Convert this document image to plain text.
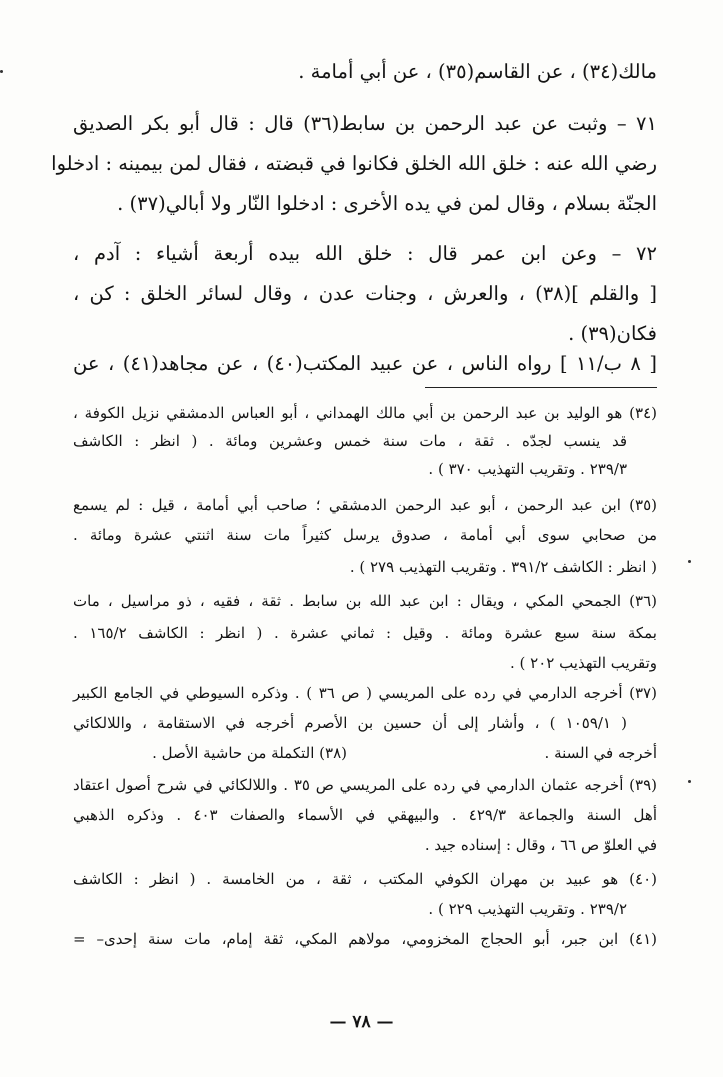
مالك(٣٤) ، عن القاسم(٣٥) ، عن أبي أمامة .
٧١ – وثبت عن عبد الرحمن بن سابط(٣٦) قال : قال أبو بكر الصديق
رضي الله عنه : خلق الله الخلق فكانوا في قبضته ، فقال لمن بيمينه : ادخلوا
الجنّة بسلام ، وقال لمن في يده الأخرى : ادخلوا النّار ولا أبالي(٣٧) .
٧٢ – وعن ابن عمر قال : خلق الله بيده أربعة أشياء : آدم ،
[ والقلم ](٣٨) ، والعرش ، وجنات عدن ، وقال لسائر الخلق : كن ،
فكان(٣٩) .
[ ٨ ب/١١ ] رواه الناس ، عن عبيد المكتب(٤٠) ، عن مجاهد(٤١) ، عن
(٣٤) هو الوليد بن عبد الرحمن بن أبي مالك الهمداني ، أبو العباس الدمشقي نزيل الكوفة ،
قد ينسب لجدّه . ثقة ، مات سنة خمس وعشرين ومائة . ( انظر : الكاشف
٢٣٩/٣ . وتقريب التهذيب ٣٧٠ ) .
(٣٥) ابن عبد الرحمن ، أبو عبد الرحمن الدمشقي ؛ صاحب أبي أمامة ، قيل : لم يسمع
من صحابي سوى أبي أمامة ، صدوق يرسل كثيراً مات سنة اثنتي عشرة ومائة .
( انظر : الكاشف ٣٩١/٢ . وتقريب التهذيب ٢٧٩ ) .
(٣٦) الجمحي المكي ، ويقال : ابن عبد الله بن سابط . ثقة ، فقيه ، ذو مراسيل ، مات
بمكة سنة سبع عشرة ومائة . وقيل : ثماني عشرة . ( انظر : الكاشف ١٦٥/٢ .
وتقريب التهذيب ٢٠٢ ) .
(٣٧) أخرجه الدارمي في رده على المريسي ( ص ٣٦ ) . وذكره السيوطي في الجامع الكبير
( ١٠٥٩/١ ) ، وأشار إلى أن حسين بن الأصرم أخرجه في الاستقامة ، واللالكائي
أخرجه في السنة .
(٣٨) التكملة من حاشية الأصل .
(٣٩) أخرجه عثمان الدارمي في رده على المريسي ص ٣٥ . واللالكائي في شرح أصول اعتقاد
أهل السنة والجماعة ٤٢٩/٣ . والبيهقي في الأسماء والصفات ٤٠٣ . وذكره الذهبي
في العلوّ ص ٦٦ ، وقال : إسناده جيد .
(٤٠) هو عبيد بن مهران الكوفي المكتب ، ثقة ، من الخامسة . ( انظر : الكاشف
٢٣٩/٢ . وتقريب التهذيب ٢٢٩ ) .
(٤١) ابن جبر، أبو الحجاج المخزومي، مولاهم المكي، ثقة إمام، مات سنة إحدى– =
— ٧٨ —
